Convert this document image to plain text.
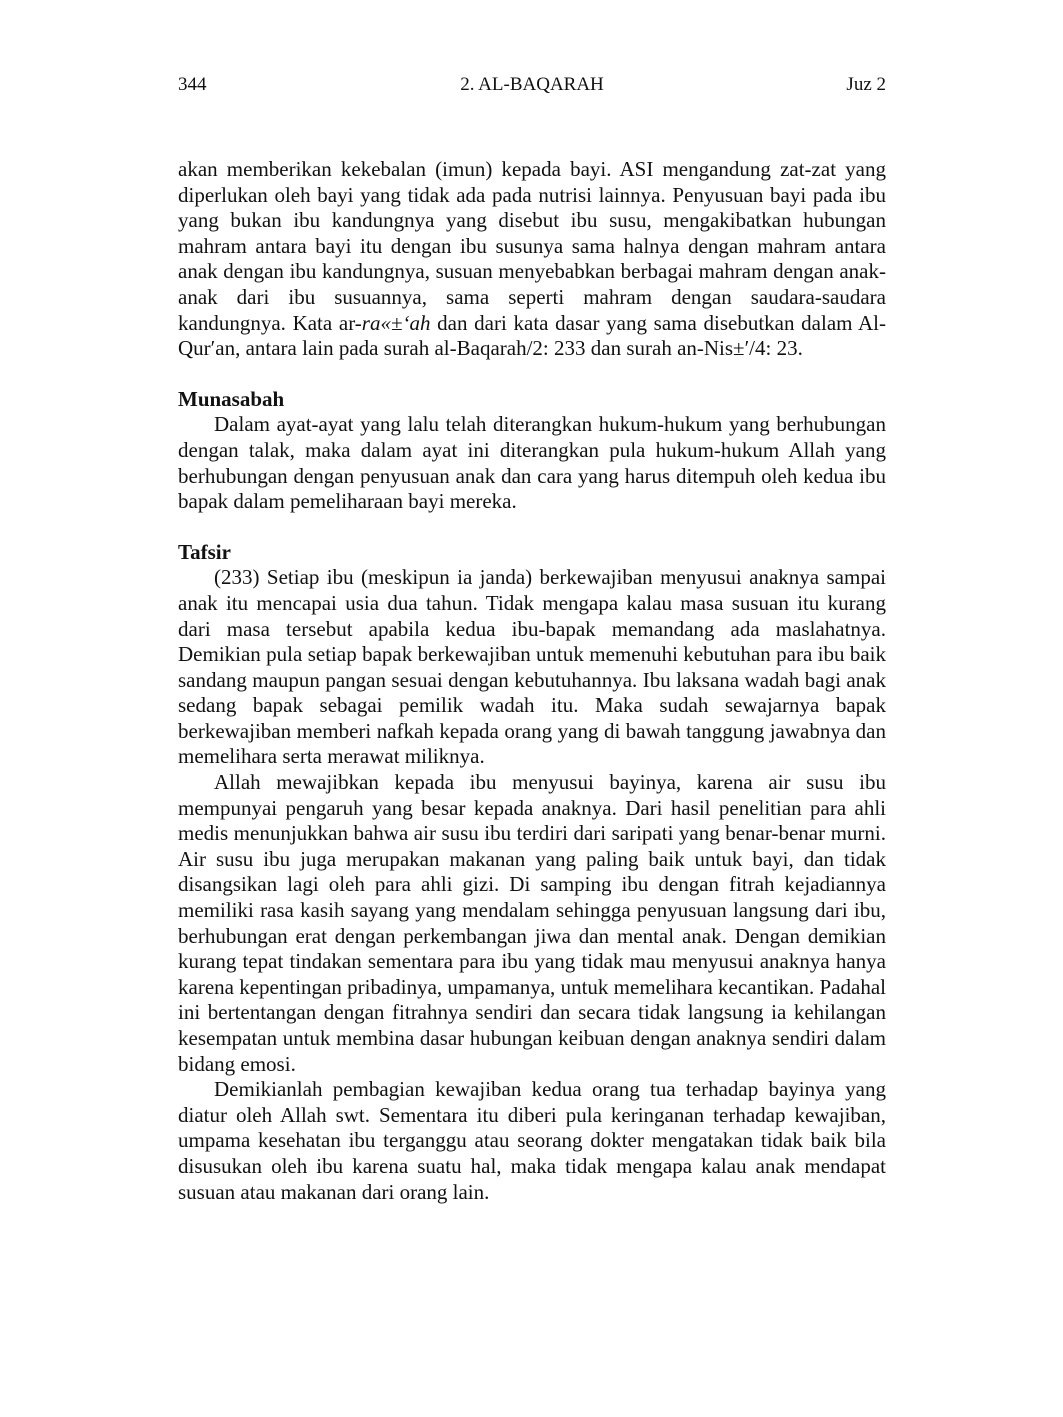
344	2. AL-BAQARAH	Juz 2

akan memberikan kekebalan (imun) kepada bayi. ASI mengandung zat-zat yang diperlukan oleh bayi yang tidak ada pada nutrisi lainnya. Penyusuan bayi pada ibu yang bukan ibu kandungnya yang disebut ibu susu, mengakibatkan hubungan mahram antara bayi itu dengan ibu susunya sama halnya dengan mahram antara anak dengan ibu kandungnya, susuan menyebabkan berbagai mahram dengan anak-anak dari ibu susuannya, sama seperti mahram dengan saudara-saudara kandungnya. Kata ar-ra«±‘ah dan dari kata dasar yang sama disebutkan dalam Al-Qur′an, antara lain pada surah al-Baqarah/2: 233 dan surah an-Nis±′/4: 23.

Munasabah

Dalam ayat-ayat yang lalu telah diterangkan hukum-hukum yang berhubungan dengan talak, maka dalam ayat ini diterangkan pula hukum-hukum Allah yang berhubungan dengan penyusuan anak dan cara yang harus ditempuh oleh kedua ibu bapak dalam pemeliharaan bayi mereka.

Tafsir

(233) Setiap ibu (meskipun ia janda) berkewajiban menyusui anaknya sampai anak itu mencapai usia dua tahun. Tidak mengapa kalau masa susuan itu kurang dari masa tersebut apabila kedua ibu-bapak memandang ada maslahatnya. Demikian pula setiap bapak berkewajiban untuk memenuhi kebutuhan para ibu baik sandang maupun pangan sesuai dengan kebutuhannya. Ibu laksana wadah bagi anak sedang bapak sebagai pemilik wadah itu. Maka sudah sewajarnya bapak berkewajiban memberi nafkah kepada orang yang di bawah tanggung jawabnya dan memelihara serta merawat miliknya.

Allah mewajibkan kepada ibu menyusui bayinya, karena air susu ibu mempunyai pengaruh yang besar kepada anaknya. Dari hasil penelitian para ahli medis menunjukkan bahwa air susu ibu terdiri dari saripati yang benar-benar murni. Air susu ibu juga merupakan makanan yang paling baik untuk bayi, dan tidak disangsikan lagi oleh para ahli gizi. Di samping ibu dengan fitrah kejadiannya memiliki rasa kasih sayang yang mendalam sehingga penyusuan langsung dari ibu, berhubungan erat dengan perkembangan jiwa dan mental anak. Dengan demikian kurang tepat tindakan sementara para ibu yang tidak mau menyusui anaknya hanya karena kepentingan pribadinya, umpamanya, untuk memelihara kecantikan. Padahal ini bertentangan dengan fitrahnya sendiri dan secara tidak langsung ia kehilangan kesempatan untuk membina dasar hubungan keibuan dengan anaknya sendiri dalam bidang emosi.

Demikianlah pembagian kewajiban kedua orang tua terhadap bayinya yang diatur oleh Allah swt. Sementara itu diberi pula keringanan terhadap kewajiban, umpama kesehatan ibu terganggu atau seorang dokter mengatakan tidak baik bila disusukan oleh ibu karena suatu hal, maka tidak mengapa kalau anak mendapat susuan atau makanan dari orang lain.
